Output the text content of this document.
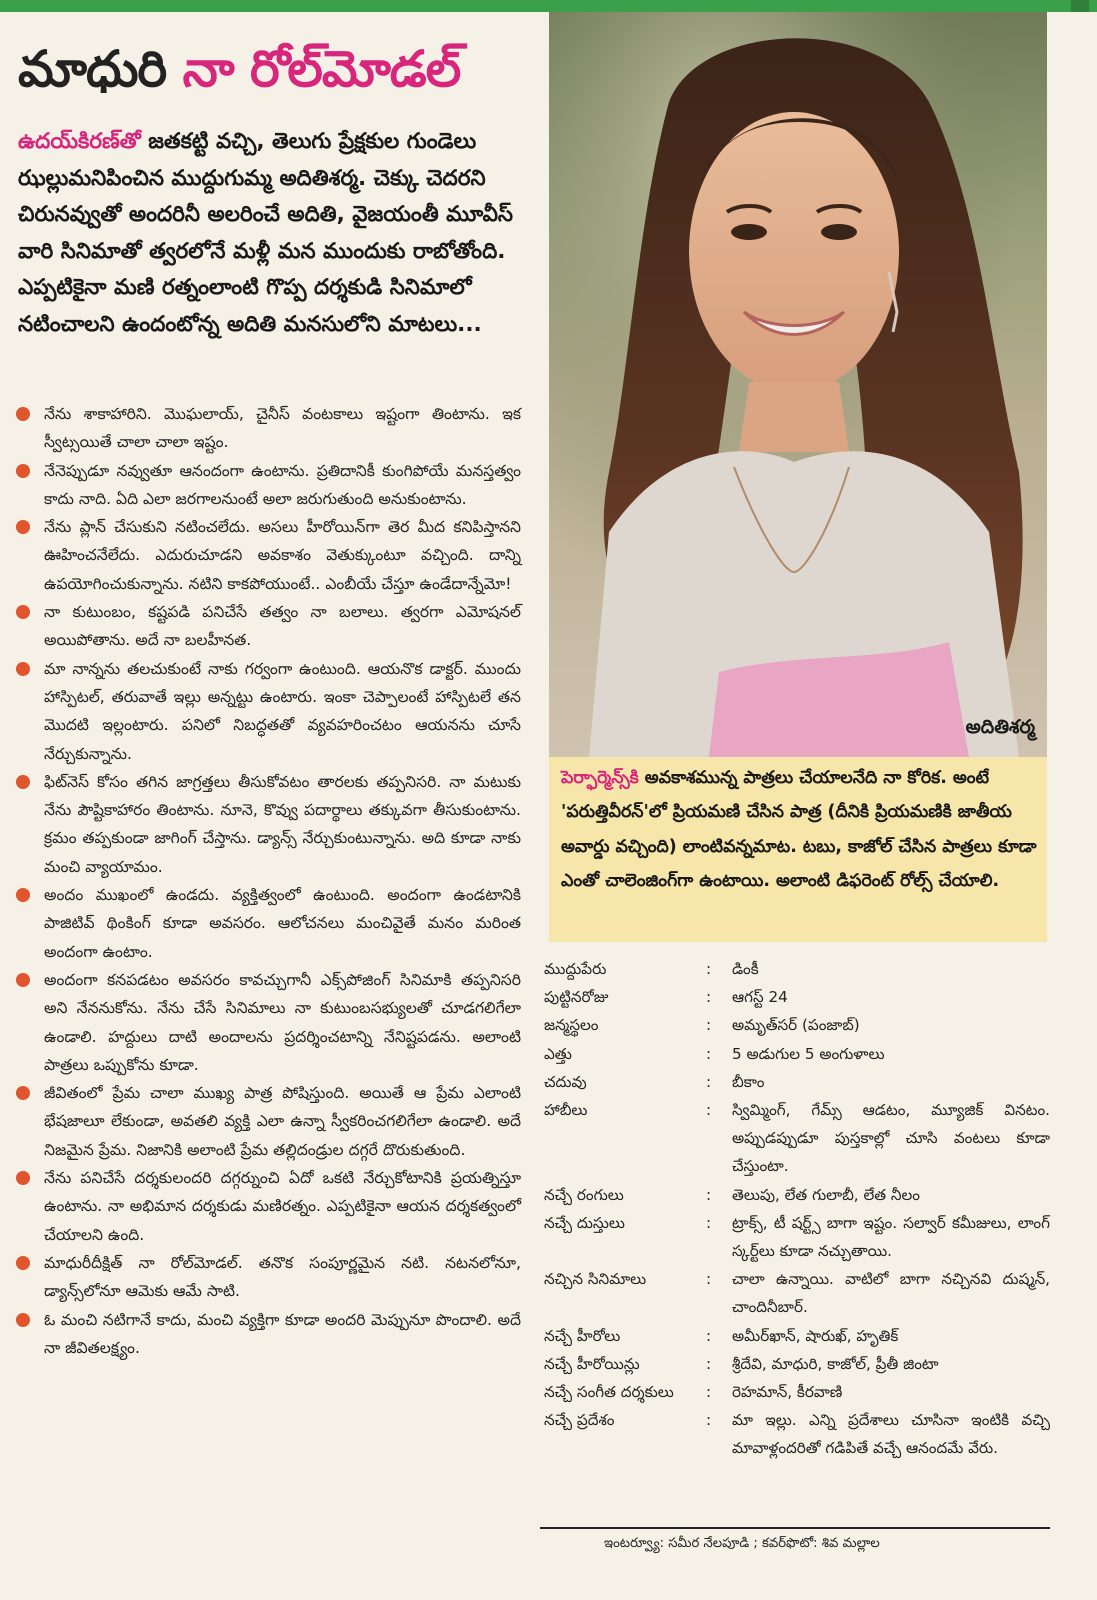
మాధురి నా రోల్‌మోడల్
ఉదయ్‌కిరణ్‌తో జతకట్టి వచ్చి, తెలుగు ప్రేక్షకుల గుండెలు ఝల్లుమనిపించిన ముద్దుగుమ్మ అదితిశర్మ. చెక్కు చెదరని చిరునవ్వుతో అందరినీ అలరించే అదితి, వైజయంతీ మూవీస్ వారి సినిమాతో త్వరలోనే మళ్లీ మన ముందుకు రాబోతోంది. ఎప్పటికైనా మణి రత్నంలాంటి గొప్ప దర్శకుడి సినిమాలో నటించాలని ఉందంటోన్న అదితి మనసులోని మాటలు...
నేను శాకాహారిని. మొఘలాయ్, చైనీస్ వంటకాలు ఇష్టంగా తింటాను. ఇక స్వీట్సయితే చాలా చాలా ఇష్టం.
నేనెప్పుడూ నవ్వుతూ ఆనందంగా ఉంటాను. ప్రతిదానికీ కుంగిపోయే మనస్తత్వం కాదు నాది. ఏది ఎలా జరగాలనుంటే అలా జరుగుతుంది అనుకుంటాను.
నేను ప్లాన్ చేసుకుని నటించలేదు. అసలు హీరోయిన్‌గా తెర మీద కనిపిస్తానని ఊహించనేలేదు. ఎదురుచూడని అవకాశం వెతుక్కుంటూ వచ్చింది. దాన్ని ఉపయోగించుకున్నాను. నటిని కాకపోయుంటే.. ఎంబీయే చేస్తూ ఉండేదాన్నేమో!
నా కుటుంబం, కష్టపడి పనిచేసే తత్వం నా బలాలు. త్వరగా ఎమోషనల్ అయిపోతాను. అదే నా బలహీనత.
మా నాన్నను తలచుకుంటే నాకు గర్వంగా ఉంటుంది. ఆయనొక డాక్టర్. ముందు హాస్పిటల్, తరువాతే ఇల్లు అన్నట్టు ఉంటారు. ఇంకా చెప్పాలంటే హాస్పిటలే తన మొదటి ఇల్లంటారు. పనిలో నిబద్ధతతో వ్యవహరించటం ఆయనను చూసే నేర్చుకున్నాను.
ఫిట్‌నెస్ కోసం తగిన జాగ్రత్తలు తీసుకోవటం తారలకు తప్పనిసరి. నా మటుకు నేను పౌష్టికాహారం తింటాను. నూనె, కొవ్వు పదార్థాలు తక్కువగా తీసుకుంటాను. క్రమం తప్పకుండా జాగింగ్ చేస్తాను. డ్యాన్స్ నేర్చుకుంటున్నాను. అది కూడా నాకు మంచి వ్యాయామం.
అందం ముఖంలో ఉండదు. వ్యక్తిత్వంలో ఉంటుంది. అందంగా ఉండటానికి పాజిటివ్ థింకింగ్ కూడా అవసరం. ఆలోచనలు మంచివైతే మనం మరింత అందంగా ఉంటాం.
అందంగా కనపడటం అవసరం కావచ్చుగానీ ఎక్స్‌పోజింగ్ సినిమాకి తప్పనిసరి అని నేననుకోను. నేను చేసే సినిమాలు నా కుటుంబసభ్యులతో చూడగలిగేలా ఉండాలి. హద్దులు దాటి అందాలను ప్రదర్శించటాన్ని నేనిష్టపడను. అలాంటి పాత్రలు ఒప్పుకోను కూడా.
జీవితంలో ప్రేమ చాలా ముఖ్య పాత్ర పోషిస్తుంది. అయితే ఆ ప్రేమ ఎలాంటి భేషజాలూ లేకుండా, అవతలి వ్యక్తి ఎలా ఉన్నా స్వీకరించగలిగేలా ఉండాలి. అదే నిజమైన ప్రేమ. నిజానికి అలాంటి ప్రేమ తల్లిదండ్రుల దగ్గరే దొరుకుతుంది.
నేను పనిచేసే దర్శకులందరి దగ్గర్నుంచి ఏదో ఒకటి నేర్చుకోటానికి ప్రయత్నిస్తూ ఉంటాను. నా అభిమాన దర్శకుడు మణిరత్నం. ఎప్పటికైనా ఆయన దర్శకత్వంలో చేయాలని ఉంది.
మాధురీదీక్షిత్ నా రోల్‌మోడల్. తనొక సంపూర్ణమైన నటి. నటనలోనూ, డ్యాన్స్‌లోనూ ఆమెకు ఆమే సాటి.
ఓ మంచి నటిగానే కాదు, మంచి వ్యక్తిగా కూడా అందరి మెప్పునూ పొందాలి. అదే నా జీవితలక్ష్యం.
అదితిశర్మ
పెర్ఫార్మెన్స్‌కి అవకాశమున్న పాత్రలు చేయాలనేది నా కోరిక. అంటే 'పరుత్తివీరన్'లో ప్రియమణి చేసిన పాత్ర (దీనికి ప్రియమణికి జాతీయ అవార్డు వచ్చింది) లాంటివన్నమాట. టబు, కాజోల్ చేసిన పాత్రలు కూడా ఎంతో చాలెంజింగ్‌గా ఉంటాయి. అలాంటి డిఫరెంట్ రోల్స్ చేయాలి.
ముద్దుపేరు	: డింకీ
పుట్టినరోజు	: ఆగస్ట్ 24
జన్మస్థలం	: అమృత్‌సర్ (పంజాబ్)
ఎత్తు	: 5 అడుగుల 5 అంగుళాలు
చదువు	: బీకాం
హాబీలు	: స్విమ్మింగ్, గేమ్స్ ఆడటం, మ్యూజిక్ వినటం. అప్పుడప్పుడూ పుస్తకాల్లో చూసి వంటలు కూడా చేస్తుంటా.
నచ్చే రంగులు	: తెలుపు, లేత గులాబీ, లేత నీలం
నచ్చే దుస్తులు	: ట్రాక్స్, టీ షర్ట్స్ బాగా ఇష్టం. సల్వార్ కమీజులు, లాంగ్ స్కర్ట్‌లు కూడా నచ్చుతాయి.
నచ్చిన సినిమాలు	: చాలా ఉన్నాయి. వాటిలో బాగా నచ్చినవి దుష్మన్, చాందినీబార్.
నచ్చే హీరోలు	: అమీర్‌ఖాన్, షారుఖ్, హృతిక్
నచ్చే హీరోయిన్లు	: శ్రీదేవి, మాధురి, కాజోల్, ప్రీతీ జింటా
నచ్చే సంగీత దర్శకులు : రెహమాన్, కీరవాణి
నచ్చే ప్రదేశం	: మా ఇల్లు. ఎన్ని ప్రదేశాలు చూసినా ఇంటికి వచ్చి మావాళ్లందరితో గడిపితే వచ్చే ఆనందమే వేరు.
ఇంటర్వ్యూ: సమీర నేలపూడి ; కవర్‌ఫొటో: శివ మల్లాల
